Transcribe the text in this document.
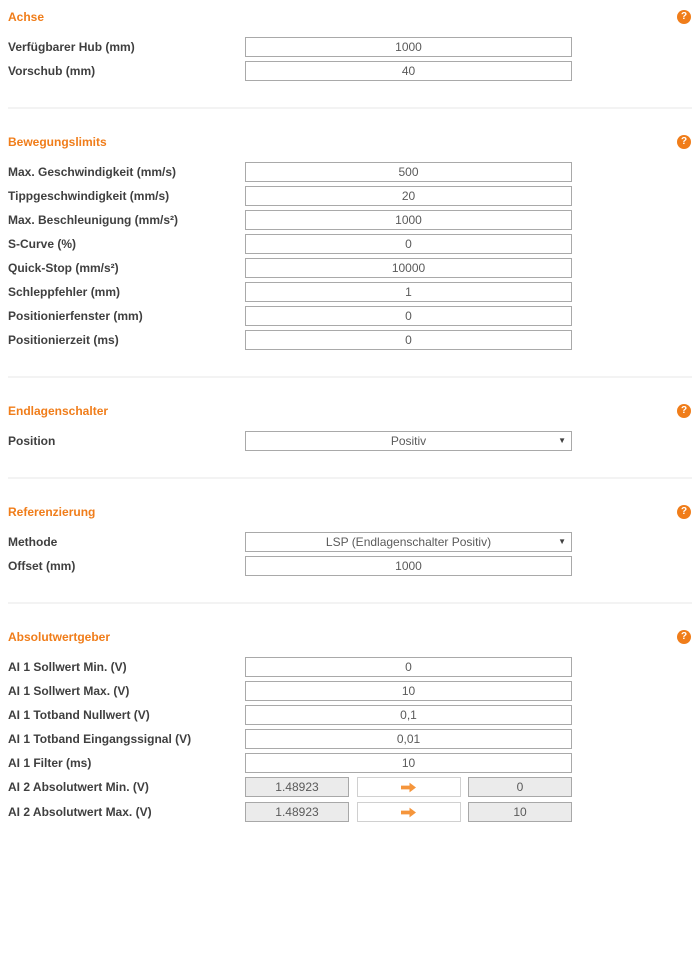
Achse	?
Verfügbarer Hub (mm)
1000
Vorschub (mm)
40
Bewegungslimits	?
Max. Geschwindigkeit (mm/s)
500
Tippgeschwindigkeit (mm/s)
20
Max. Beschleunigung (mm/s²)
1000
S-Curve (%)
0
Quick-Stop (mm/s²)
10000
Schleppfehler (mm)
1
Positionierfenster (mm)
0
Positionierzeit (ms)
0
Endlagenschalter	?
Position	Positiv	▼
Referenzierung	?
Methode	LSP (Endlagenschalter Positiv)	▼
Offset (mm)
1000
Absolutwertgeber	?
AI 1 Sollwert Min. (V)
0
AI 1 Sollwert Max. (V)
10
AI 1 Totband Nullwert (V)
0,1
AI 1 Totband Eingangssignal (V)
0,01
AI 1 Filter (ms)
10
AI 2 Absolutwert Min. (V)	1.48923	0
AI 2 Absolutwert Max. (V)	1.48923	10
